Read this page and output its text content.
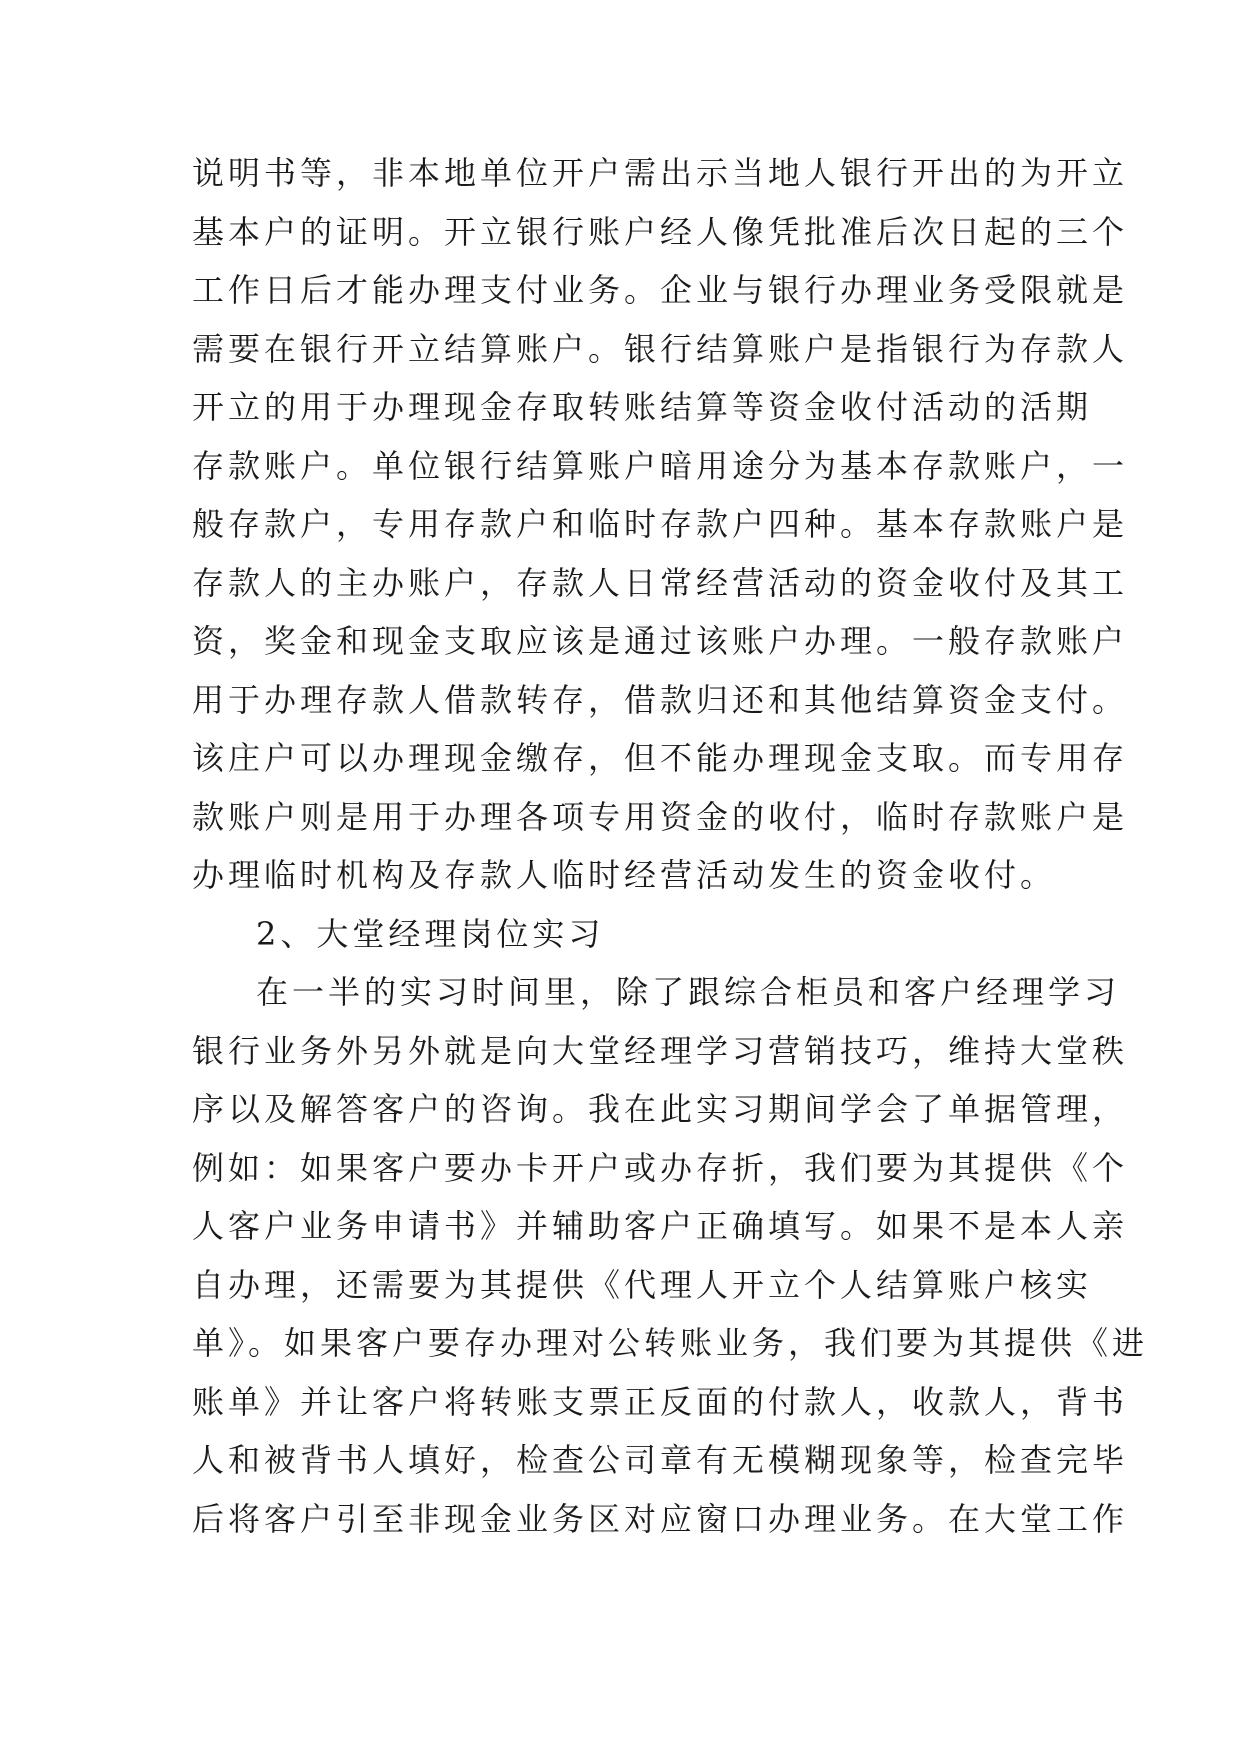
说明书等，非本地单位开户需出示当地人银行开出的为开立
基本户的证明。开立银行账户经人像凭批准后次日起的三个
工作日后才能办理支付业务。企业与银行办理业务受限就是
需要在银行开立结算账户。银行结算账户是指银行为存款人
开立的用于办理现金存取转账结算等资金收付活动的活期
存款账户。单位银行结算账户暗用途分为基本存款账户，一
般存款户，专用存款户和临时存款户四种。基本存款账户是
存款人的主办账户，存款人日常经营活动的资金收付及其工
资，奖金和现金支取应该是通过该账户办理。一般存款账户
用于办理存款人借款转存，借款归还和其他结算资金支付。
该庄户可以办理现金缴存，但不能办理现金支取。而专用存
款账户则是用于办理各项专用资金的收付，临时存款账户是
办理临时机构及存款人临时经营活动发生的资金收付。
2、大堂经理岗位实习
在一半的实习时间里，除了跟综合柜员和客户经理学习
银行业务外另外就是向大堂经理学习营销技巧，维持大堂秩
序以及解答客户的咨询。我在此实习期间学会了单据管理，
例如：如果客户要办卡开户或办存折，我们要为其提供《个
人客户业务申请书》并辅助客户正确填写。如果不是本人亲
自办理，还需要为其提供《代理人开立个人结算账户核实
单》。如果客户要存办理对公转账业务，我们要为其提供《进
账单》并让客户将转账支票正反面的付款人，收款人，背书
人和被背书人填好，检查公司章有无模糊现象等，检查完毕
后将客户引至非现金业务区对应窗口办理业务。在大堂工作
